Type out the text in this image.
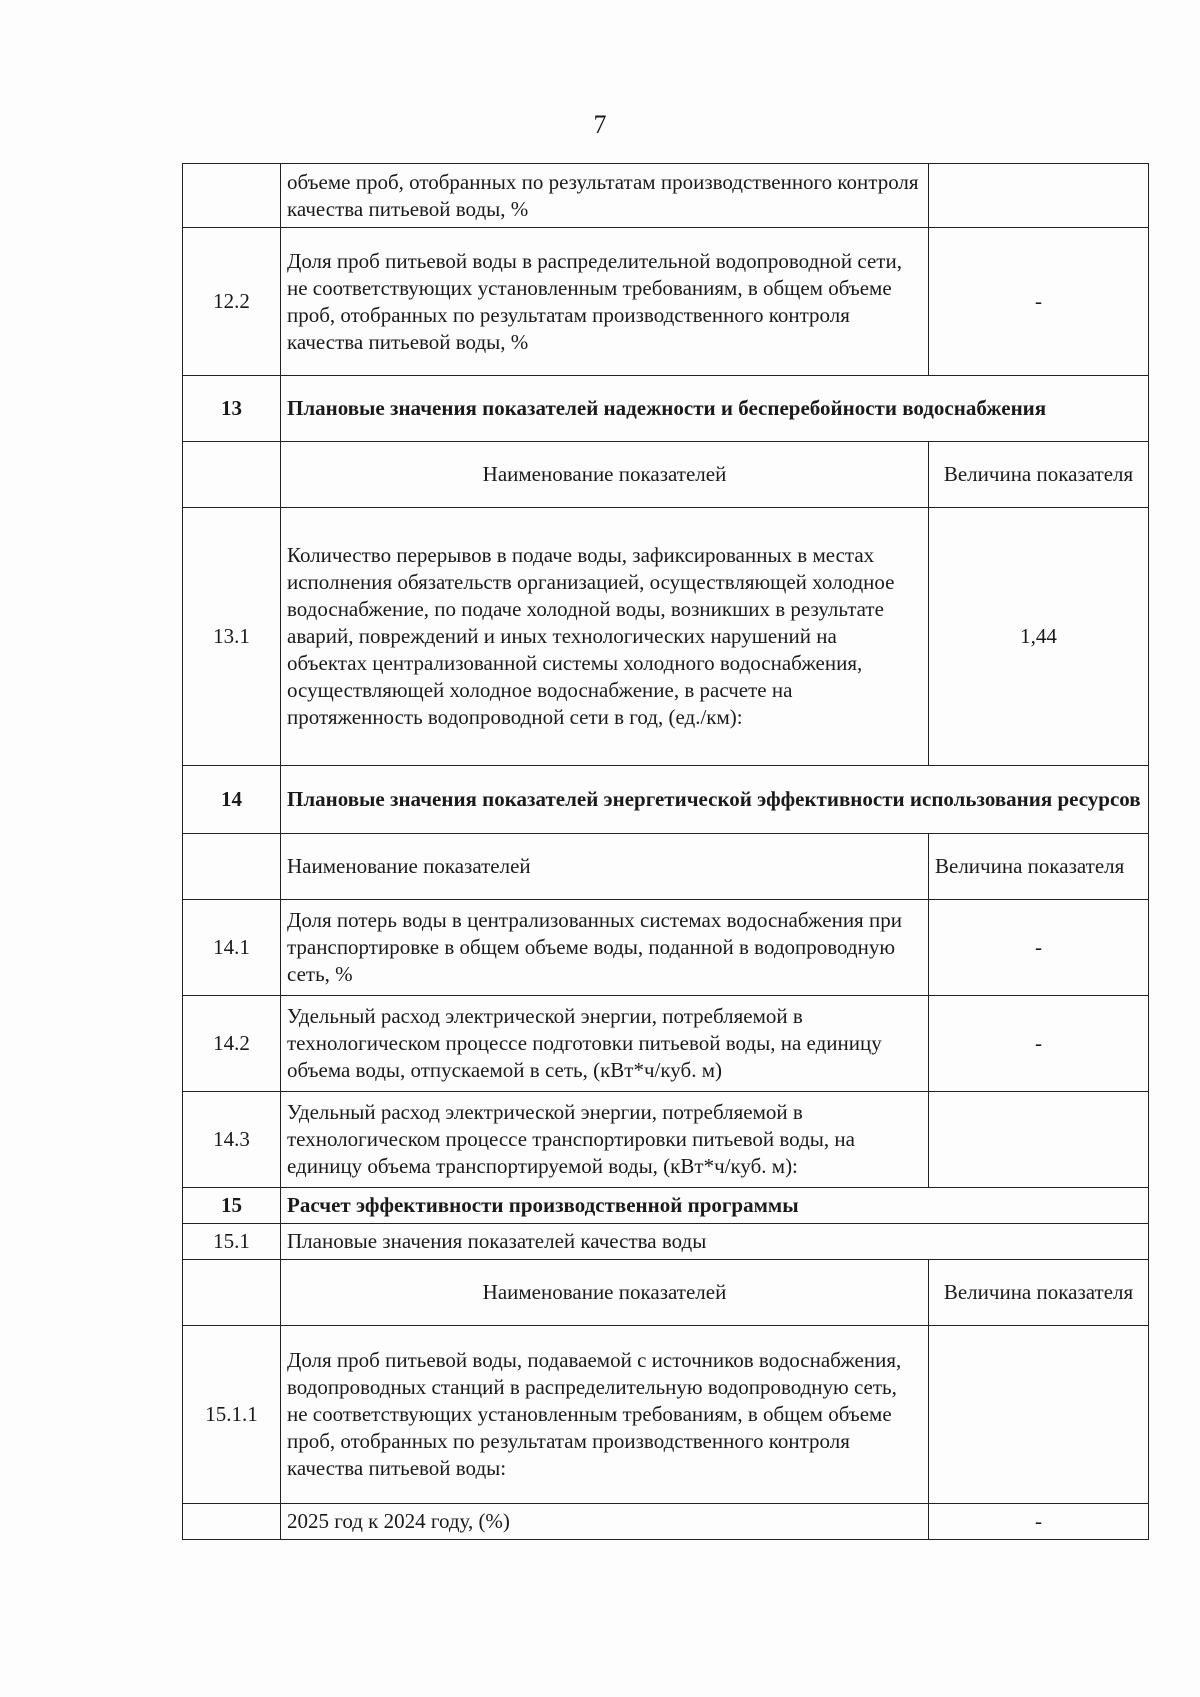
7
	объеме проб, отобранных по результатам производственного контроля качества питьевой воды, %	
12.2	Доля проб питьевой воды в распределительной водопроводной сети, не соответствующих установленным требованиям, в общем объеме проб, отобранных по результатам производственного контроля качества питьевой воды, %	-
13	Плановые значения показателей надежности и бесперебойности водоснабжения	
	Наименование показателей	Величина показателя
13.1	Количество перерывов в подаче воды, зафиксированных в местах исполнения обязательств организацией, осуществляющей холодное водоснабжение, по подаче холодной воды, возникших в результате аварий, повреждений и иных технологических нарушений на объектах централизованной системы холодного водоснабжения, осуществляющей холодное водоснабжение, в расчете на протяженность водопроводной сети в год, (ед./км):	1,44
14	Плановые значения показателей энергетической эффективности использования ресурсов	
	Наименование показателей	Величина показателя
14.1	Доля потерь воды в централизованных системах водоснабжения при транспортировке в общем объеме воды, поданной в водопроводную сеть, %	-
14.2	Удельный расход электрической энергии, потребляемой в технологическом процессе подготовки питьевой воды, на единицу объема воды, отпускаемой в сеть, (кВт*ч/куб. м)	-
14.3	Удельный расход электрической энергии, потребляемой в технологическом процессе транспортировки питьевой воды, на единицу объема транспортируемой воды, (кВт*ч/куб. м):	
15	Расчет эффективности производственной программы	
15.1	Плановые значения показателей качества воды	
	Наименование показателей	Величина показателя
15.1.1	Доля проб питьевой воды, подаваемой с источников водоснабжения, водопроводных станций в распределительную водопроводную сеть, не соответствующих установленным требованиям, в общем объеме проб, отобранных по результатам производственного контроля качества питьевой воды:	
	2025 год к 2024 году, (%)	-
